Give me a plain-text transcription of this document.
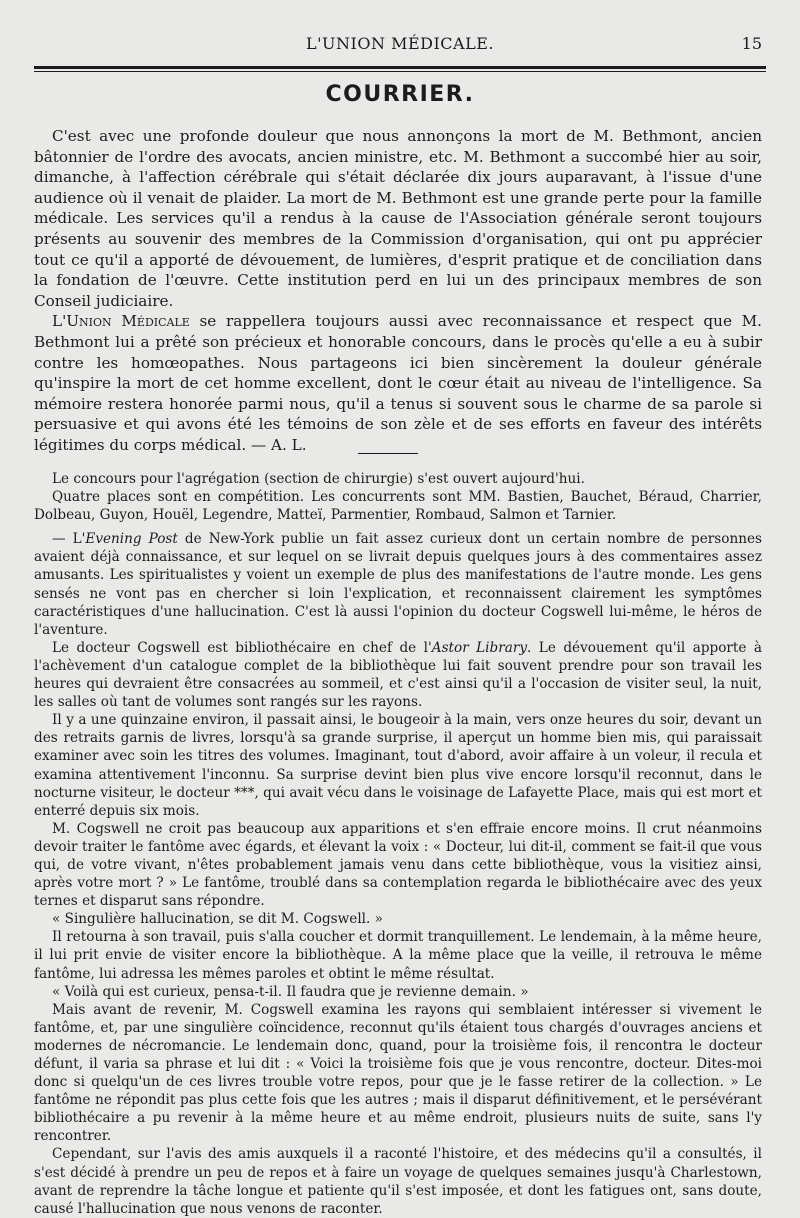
L'UNION MÉDICALE.	15
COURRIER.

C'est avec une profonde douleur que nous annonçons la mort de M. Bethmont, ancien bâtonnier de l'ordre des avocats, ancien ministre, etc. M. Bethmont a succombé hier au soir, dimanche, à l'affection cérébrale qui s'était déclarée dix jours auparavant, à l'issue d'une audience où il venait de plaider. La mort de M. Bethmont est une grande perte pour la famille médicale. Les services qu'il a rendus à la cause de l'Association générale seront toujours présents au souvenir des membres de la Commission d'organisation, qui ont pu apprécier tout ce qu'il a apporté de dévouement, de lumières, d'esprit pratique et de conciliation dans la fondation de l'œuvre. Cette institution perd en lui un des principaux membres de son Conseil judiciaire.

L'Union Médicale se rappellera toujours aussi avec reconnaissance et respect que M. Bethmont lui a prêté son précieux et honorable concours, dans le procès qu'elle a eu à subir contre les homœopathes. Nous partageons ici bien sincèrement la douleur générale qu'inspire la mort de cet homme excellent, dont le cœur était au niveau de l'intelligence. Sa mémoire restera honorée parmi nous, qu'il a tenus si souvent sous le charme de sa parole si persuasive et qui avons été les témoins de son zèle et de ses efforts en faveur des intérêts légitimes du corps médical. — A. L.

Le concours pour l'agrégation (section de chirurgie) s'est ouvert aujourd'hui.

Quatre places sont en compétition. Les concurrents sont MM. Bastien, Bauchet, Béraud, Charrier, Dolbeau, Guyon, Houël, Legendre, Matteï, Parmentier, Rombaud, Salmon et Tarnier.

— L'Evening Post de New-York publie un fait assez curieux dont un certain nombre de personnes avaient déjà connaissance, et sur lequel on se livrait depuis quelques jours à des commentaires assez amusants. Les spiritualistes y voient un exemple de plus des manifestations de l'autre monde. Les gens sensés ne vont pas en chercher si loin l'explication, et reconnaissent clairement les symptômes caractéristiques d'une hallucination. C'est là aussi l'opinion du docteur Cogswell lui-même, le héros de l'aventure.

Le docteur Cogswell est bibliothécaire en chef de l'Astor Library. Le dévouement qu'il apporte à l'achèvement d'un catalogue complet de la bibliothèque lui fait souvent prendre pour son travail les heures qui devraient être consacrées au sommeil, et c'est ainsi qu'il a l'occasion de visiter seul, la nuit, les salles où tant de volumes sont rangés sur les rayons.

Il y a une quinzaine environ, il passait ainsi, le bougeoir à la main, vers onze heures du soir, devant un des retraits garnis de livres, lorsqu'à sa grande surprise, il aperçut un homme bien mis, qui paraissait examiner avec soin les titres des volumes. Imaginant, tout d'abord, avoir affaire à un voleur, il recula et examina attentivement l'inconnu. Sa surprise devint bien plus vive encore lorsqu'il reconnut, dans le nocturne visiteur, le docteur ***, qui avait vécu dans le voisinage de Lafayette Place, mais qui est mort et enterré depuis six mois.

M. Cogswell ne croit pas beaucoup aux apparitions et s'en effraie encore moins. Il crut néanmoins devoir traiter le fantôme avec égards, et élevant la voix : « Docteur, lui dit-il, comment se fait-il que vous qui, de votre vivant, n'êtes probablement jamais venu dans cette bibliothèque, vous la visitiez ainsi, après votre mort ? » Le fantôme, troublé dans sa contemplation regarda le bibliothécaire avec des yeux ternes et disparut sans répondre.

« Singulière hallucination, se dit M. Cogswell. »

Il retourna à son travail, puis s'alla coucher et dormit tranquillement. Le lendemain, à la même heure, il lui prit envie de visiter encore la bibliothèque. A la même place que la veille, il retrouva le même fantôme, lui adressa les mêmes paroles et obtint le même résultat.

« Voilà qui est curieux, pensa-t-il. Il faudra que je revienne demain. »

Mais avant de revenir, M. Cogswell examina les rayons qui semblaient intéresser si vivement le fantôme, et, par une singulière coïncidence, reconnut qu'ils étaient tous chargés d'ouvrages anciens et modernes de nécromancie. Le lendemain donc, quand, pour la troisième fois, il rencontra le docteur défunt, il varia sa phrase et lui dit : « Voici la troisième fois que je vous rencontre, docteur. Dites-moi donc si quelqu'un de ces livres trouble votre repos, pour que je le fasse retirer de la collection. » Le fantôme ne répondit pas plus cette fois que les autres ; mais il disparut définitivement, et le persévérant bibliothécaire a pu revenir à la même heure et au même endroit, plusieurs nuits de suite, sans l'y rencontrer.

Cependant, sur l'avis des amis auxquels il a raconté l'histoire, et des médecins qu'il a consultés, il s'est décidé à prendre un peu de repos et à faire un voyage de quelques semaines jusqu'à Charlestown, avant de reprendre la tâche longue et patiente qu'il s'est imposée, et dont les fatigues ont, sans doute, causé l'hallucination que nous venons de raconter.
